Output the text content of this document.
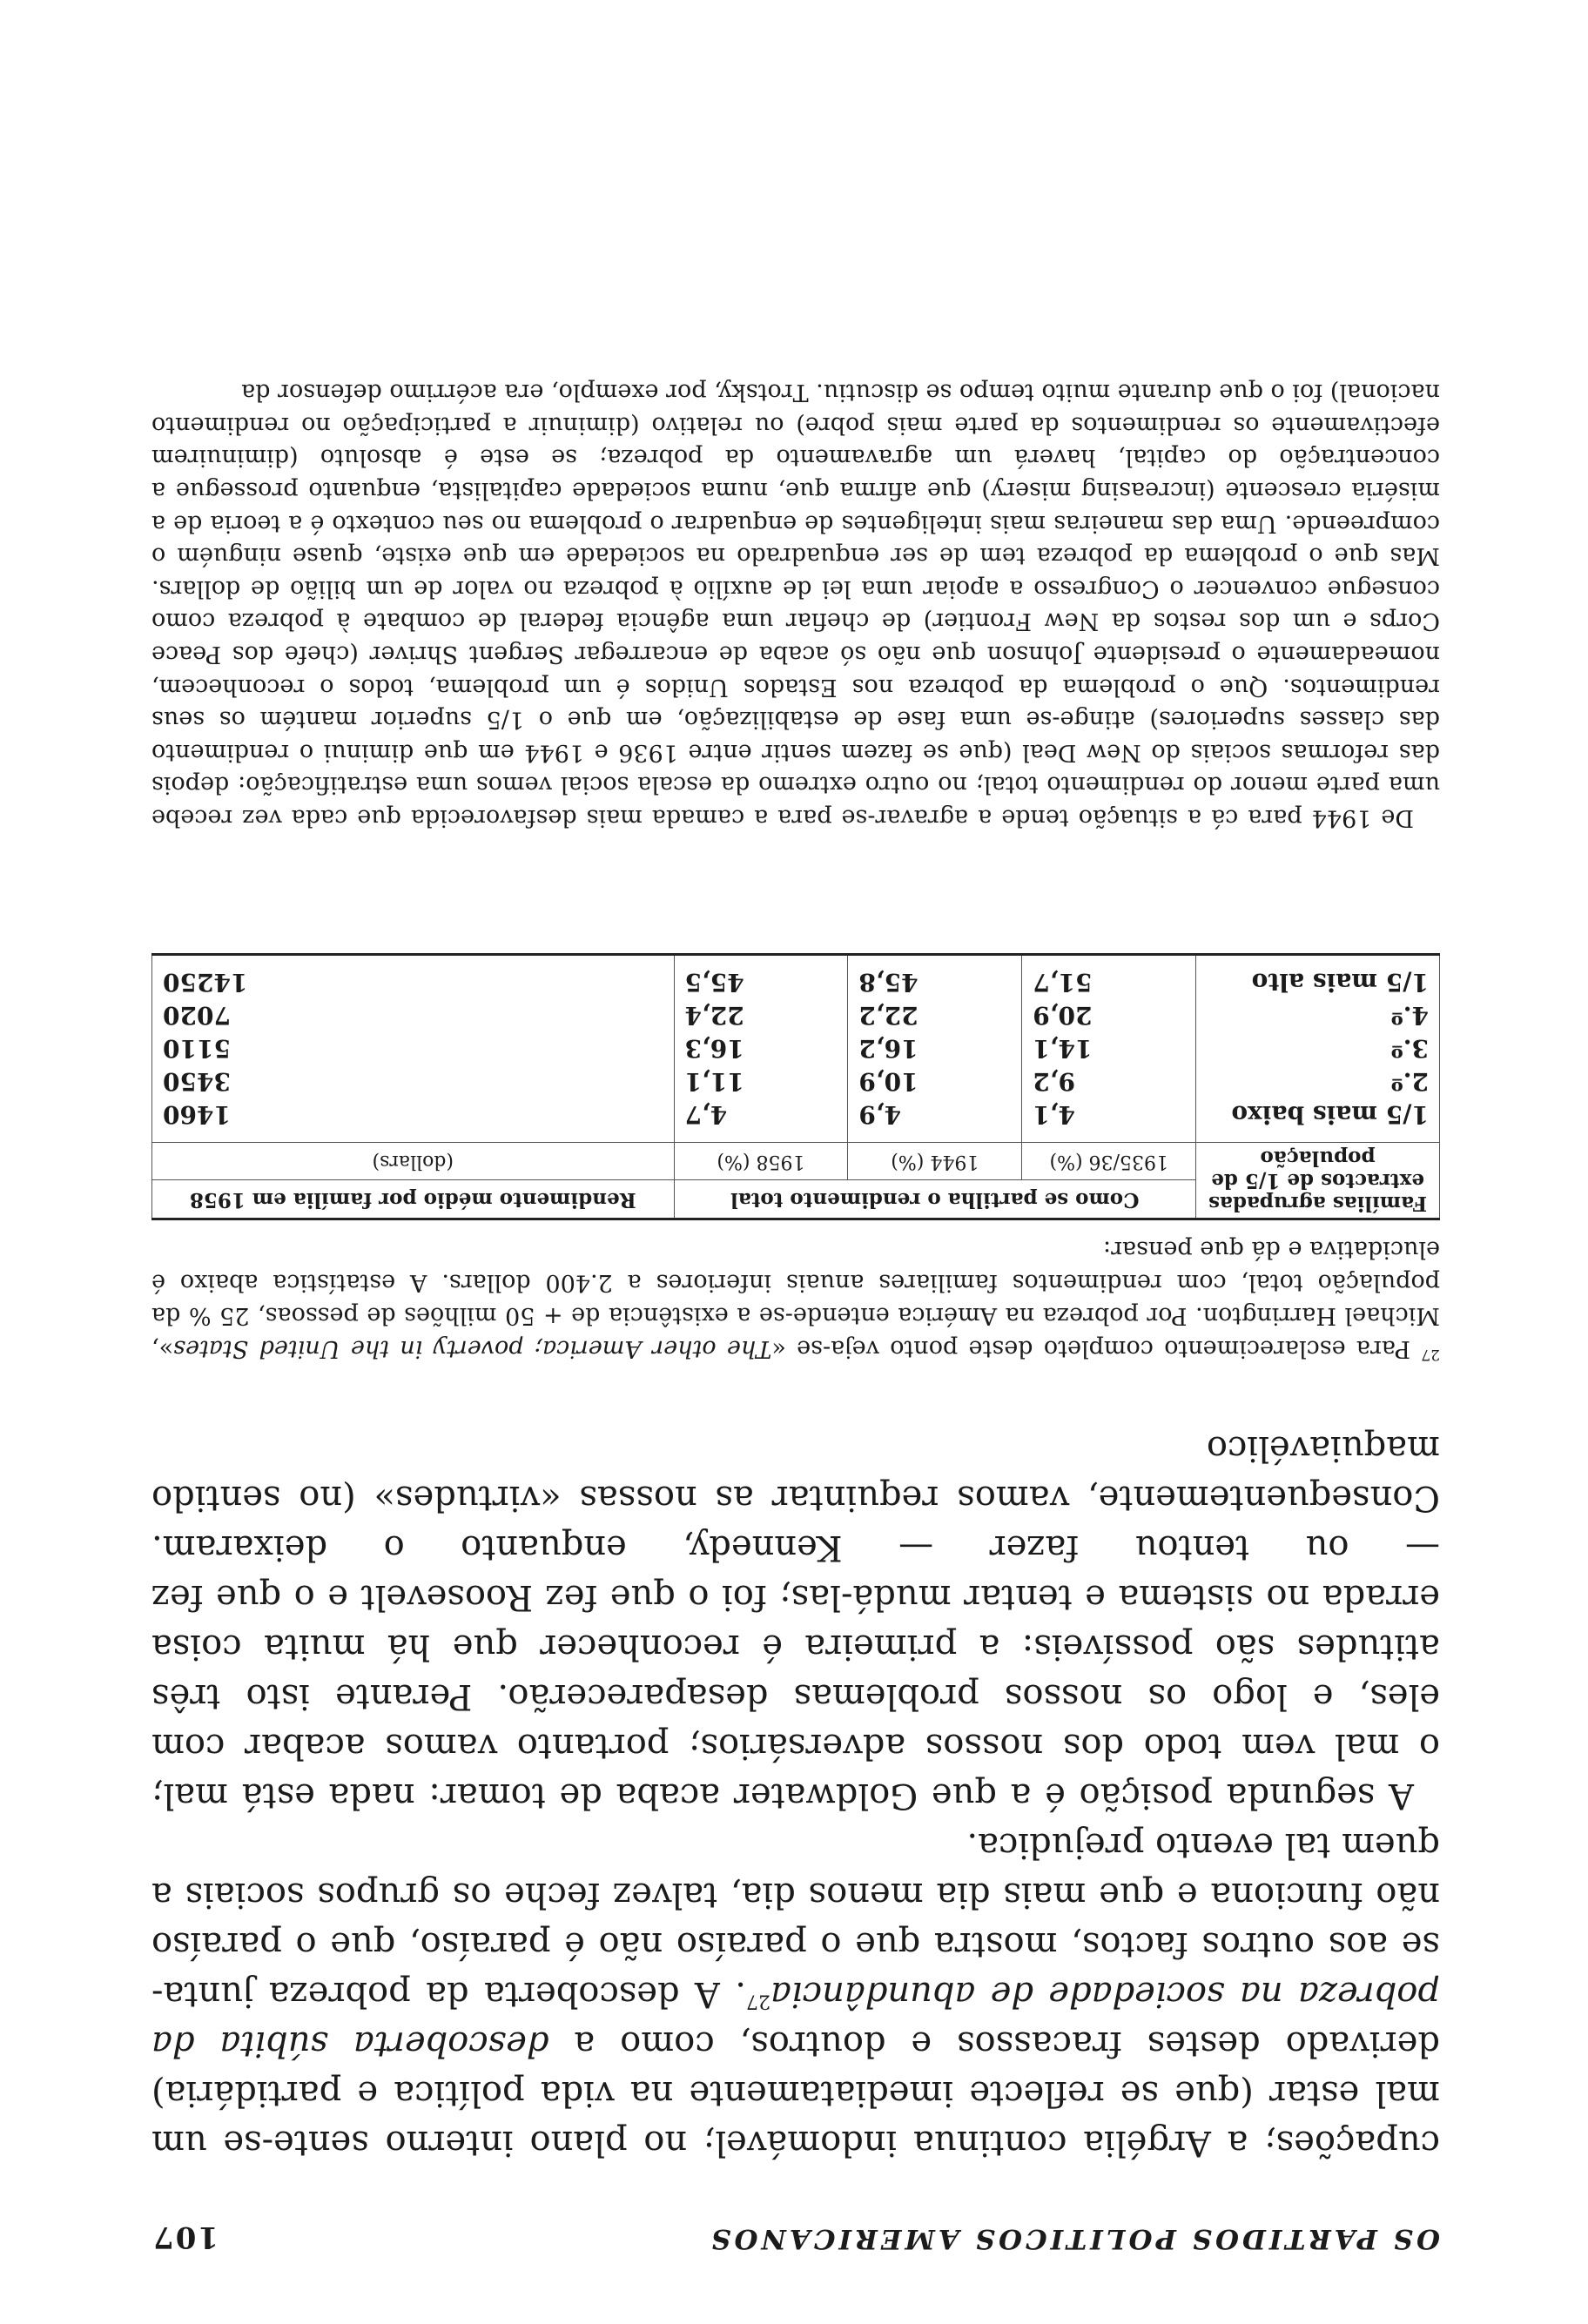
OS PARTIDOS POLITICOS AMERICANOS
107

cupações; a Argélia continua indomável; no plano interno sente-se um mal estar (que se reflecte imediatamente na vida política e partidária) derivado destes fracassos e doutros, como a descoberta súbita da pobreza na sociedade de abundância$^{27}$. A descoberta da pobreza junta-se aos outros factos, mostra que o paraíso não é paraíso, que o paraíso não funciona e que mais dia menos dia, talvez feche os grupos sociais a quem tal evento prejudica.

A segunda posição é a que Goldwater acaba de tomar: nada está mal; o mal vem todo dos nossos adversários; portanto vamos acabar com eles, e logo os nossos problemas desaparecerão. Perante isto três atitudes são possíveis: a primeira é reconhecer que há muita coisa errada no sistema e tentar mudá-las; foi o que fez Roosevelt e o que fez — ou tentou fazer — Kennedy, enquanto o deixaram. Consequentemente, vamos requintar as nossas «virtudes» (no sentido maquiavélico

$^{27}$ Para esclarecimento completo deste ponto veja-se «The other America; poverty in the United States», Michael Harrington. Por pobreza na América entende-se a existência de + 50 milhões de pessoas, 25 % da população total, com rendimentos familiares anuais inferiores a 2.400 dollars. A estatística abaixo é elucidativa e dá que pensar:
Famílias agrupadas extractos de 1/5 de população	Como se partilha o rendimento total			Rendimento médio por família em 1958
	1935/36 (%)	1944 (%)	1958 (%)	(dollars)
1/5 mais baixo	4,1	4,9	4,7	1460
2.º	9,2	10,9	11,1	3450
3.º	14,1	16,2	16,3	5110
4.º	20,9	22,2	22,4	7020
1/5 mais alto	51,7	45,8	45,5	14250

De 1944 para cá a situação tende a agravar-se para a camada mais desfavorecida que cada vez recebe uma parte menor do rendimento total; no outro extremo da escala social vemos uma estratificação: depois das reformas sociais do New Deal (que se fazem sentir entre 1936 e 1944 em que diminui o rendimento das classes superiores) atinge-se uma fase de estabilização, em que o 1/5 superior mantém os seus rendimentos. Que o problema da pobreza nos Estados Unidos é um problema, todos o reconhecem, nomeadamente o presidente Johnson que não só acaba de encarregar Sergent Shriver (chefe dos Peace Corps e um dos restos da New Frontier) de chefiar uma agência federal de combate à pobreza como consegue convencer o Congresso a apoiar uma lei de auxílio à pobreza no valor de um bilião de dollars. Mas que o problema da pobreza tem de ser enquadrado na sociedade em que existe, quase ninguém o compreende. Uma das maneiras mais inteligentes de enquadrar o problema no seu contexto é a teoria de a miséria crescente (increasing misery) que afirma que, numa sociedade capitalista, enquanto prossegue a concentração do capital, haverá um agravamento da pobreza; se este é absoluto (diminuirem efectivamente os rendimentos da parte mais pobre) ou relativo (diminuir a participação no rendimento nacional) foi o que durante muito tempo se discutiu. Trotsky, por exemplo, era acérrimo defensor da
